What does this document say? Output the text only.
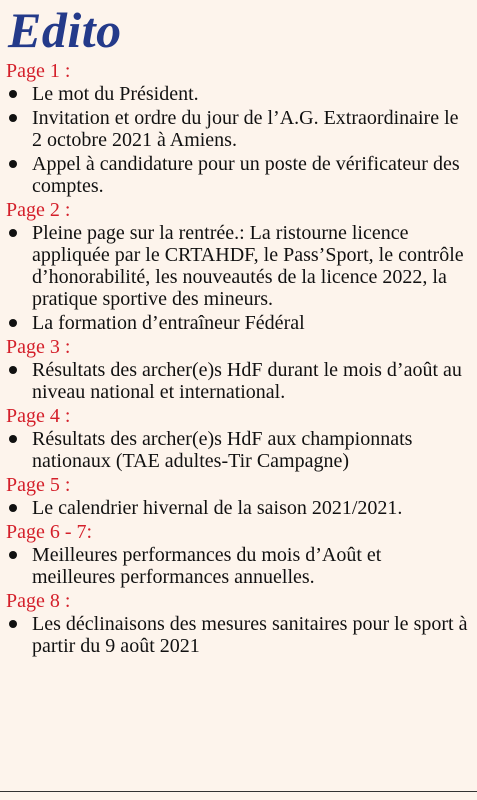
Edito

Page 1 :

Le mot du Président.
Invitation et ordre du jour de l’A.G. Extraordinaire le 2 octobre 2021 à Amiens.
Appel à candidature pour un poste de vérificateur des comptes.

Page 2 :

Pleine page sur la rentrée.: La ristourne licence appliquée par le CRTAHDF, le Pass’Sport, le contrôle d’honorabilité, les nouveautés de la licence 2022, la pratique sportive des mineurs.
La formation d’entraîneur Fédéral

Page 3 :

Résultats des archer(e)s HdF durant le mois d’août au niveau national et international.

Page 4 :

Résultats des archer(e)s HdF aux championnats nationaux (TAE adultes-Tir Campagne)

Page 5 :

Le calendrier hivernal de la saison 2021/2021.

Page 6 - 7:

Meilleures performances du mois d’Août et meilleures performances annuelles.

Page 8 :

Les déclinaisons des mesures sanitaires pour le sport à partir du 9 août 2021
